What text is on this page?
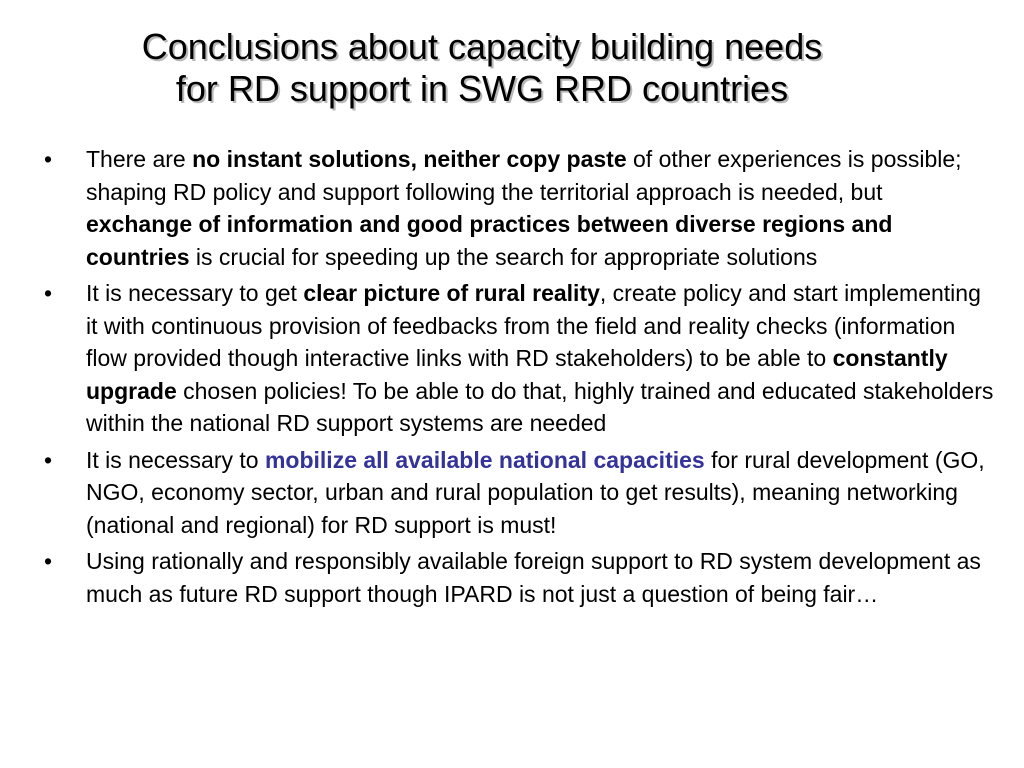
Conclusions about capacity building needs
for RD support in SWG RRD countries
•	There are no instant solutions, neither copy paste of other experiences is possible; shaping RD policy and support following the territorial approach is needed, but exchange of information and good practices between diverse regions and countries is crucial for speeding up the search for appropriate solutions
•	It is necessary to get clear picture of rural reality, create policy and start implementing it with continuous provision of feedbacks from the field and reality checks (information flow provided though interactive links with RD stakeholders) to be able to constantly upgrade chosen policies! To be able to do that, highly trained and educated stakeholders within the national RD support systems are needed
•	It is necessary to mobilize all available national capacities for rural development (GO, NGO, economy sector, urban and rural population to get results), meaning networking (national and regional) for RD support is must!
•	Using rationally and responsibly available foreign support to RD system development as much as future RD support though IPARD is not just a question of being fair…
